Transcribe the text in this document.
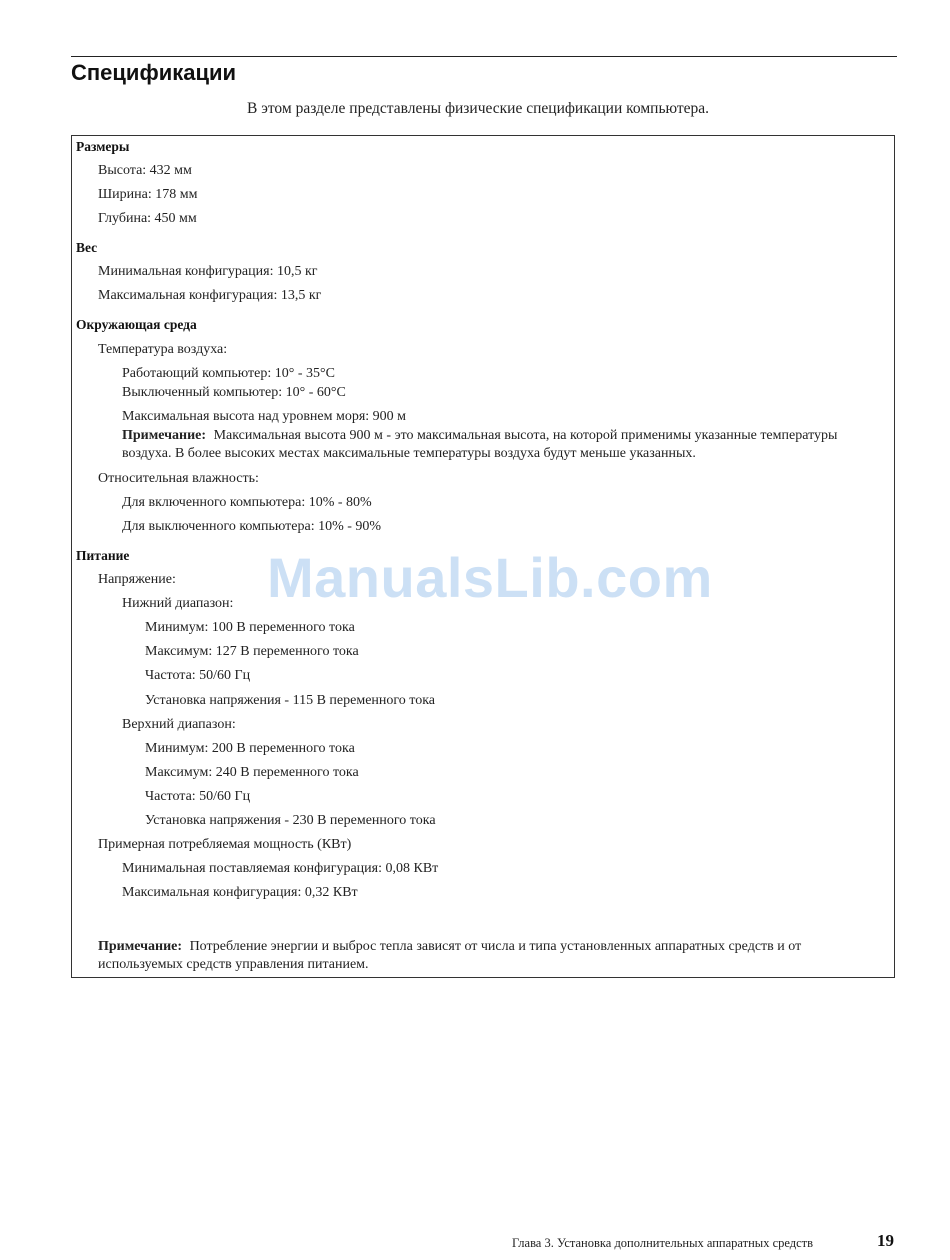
Спецификации
В этом разделе представлены физические спецификации компьютера.
Размеры
Высота: 432 мм
Ширина: 178 мм
Глубина: 450 мм
Вес
Минимальная конфигурация: 10,5 кг
Максимальная конфигурация: 13,5 кг
Окружающая среда
Температура воздуха:
Работающий компьютер: 10° - 35°C
Выключенный компьютер: 10° - 60°C
Максимальная высота над уровнем моря: 900 м
Примечание: Максимальная высота 900 м - это максимальная высота, на которой применимы указанные температуры воздуха. В более высоких местах максимальные температуры воздуха будут меньше указанных.
Относительная влажность:
Для включенного компьютера: 10% - 80%
Для выключенного компьютера: 10% - 90%
Питание
Напряжение:
Нижний диапазон:
Минимум: 100 В переменного тока
Максимум: 127 В переменного тока
Частота: 50/60 Гц
Установка напряжения - 115 В переменного тока
Верхний диапазон:
Минимум: 200 В переменного тока
Максимум: 240 В переменного тока
Частота: 50/60 Гц
Установка напряжения - 230 В переменного тока
Примерная потребляемая мощность (КВт)
Минимальная поставляемая конфигурация: 0,08 КВт
Максимальная конфигурация: 0,32 КВт
Примечание: Потребление энергии и выброс тепла зависят от числа и типа установленных аппаратных средств и от используемых средств управления питанием.
ManualsLib.com
Глава 3. Установка дополнительных аппаратных средств	19
